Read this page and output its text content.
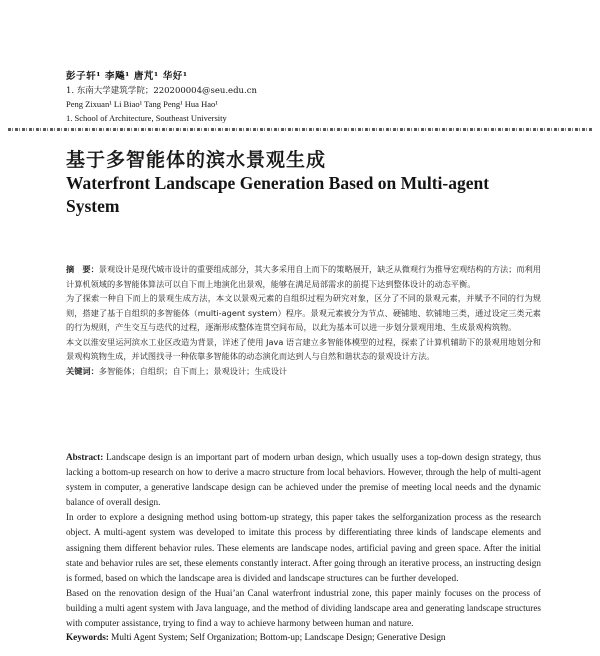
彭子轩¹ 李飚¹ 唐芃¹ 华好¹
1. 东南大学建筑学院；220200004@seu.edu.cn
Peng Zixuan¹ Li Biao¹ Tang Peng¹ Hua Hao¹
1. School of Architecture, Southeast University
基于多智能体的滨水景观生成
Waterfront Landscape Generation Based on Multi-agent System

摘　要：景观设计是现代城市设计的重要组成部分，其大多采用自上而下的策略展开，缺乏从微观行为推导宏观结构的方法；而利用计算机领域的多智能体算法可以自下而上地演化出景观，能够在满足局部需求的前提下达到整体设计的动态平衡。

为了探索一种自下而上的景观生成方法，本文以景观元素的自组织过程为研究对象，区分了不同的景观元素，并赋予不同的行为规则，搭建了基于自组织的多智能体（multi-agent system）程序。景观元素被分为节点、硬铺地、软铺地三类，通过设定三类元素的行为规则，产生交互与迭代的过程，逐渐形成整体连贯空间布局，以此为基本可以进一步划分景观用地、生成景观构筑物。

本文以淮安里运河滨水工业区改造为背景，详述了使用 Java 语言建立多智能体模型的过程，探索了计算机辅助下的景观用地划分和景观构筑物生成，并试图找寻一种依靠多智能体的动态演化而达到人与自然和谐状态的景观设计方法。

关键词：多智能体；自组织；自下而上；景观设计；生成设计

Abstract: Landscape design is an important part of modern urban design, which usually uses a top-down design strategy, thus lacking a bottom-up research on how to derive a macro structure from local behaviors. However, through the help of multi-agent system in computer, a generative landscape design can be achieved under the premise of meeting local needs and the dynamic balance of overall design.

In order to explore a designing method using bottom-up strategy, this paper takes the selforganization process as the research object. A multi-agent system was developed to imitate this process by differentiating three kinds of landscape elements and assigning them different behavior rules. These elements are landscape nodes, artificial paving and green space. After the initial state and behavior rules are set, these elements constantly interact. After going through an iterative process, an instructing design is formed, based on which the landscape area is divided and landscape structures can be further developed.

Based on the renovation design of the Huai’an Canal waterfront industrial zone, this paper mainly focuses on the process of building a multi agent system with Java language, and the method of dividing landscape area and generating landscape structures with computer assistance, trying to find a way to achieve harmony between human and nature.

Keywords: Multi Agent System; Self Organization; Bottom-up; Landscape Design; Generative Design
